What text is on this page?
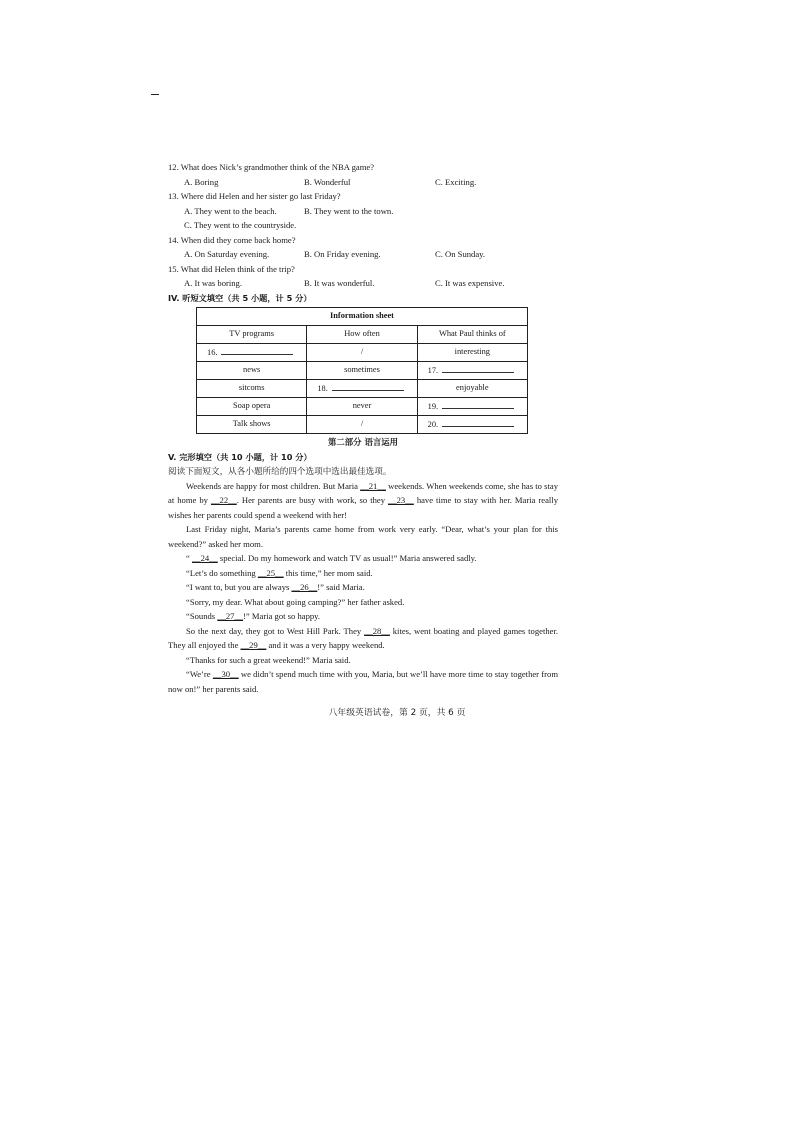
12. What does Nick’s grandmother think of the NBA game?
A. Boring	B. Wonderful	C. Exciting.
13. Where did Helen and her sister go last Friday?
A. They went to the beach.	B. They went to the town.
C. They went to the countryside.
14. When did they come back home?
A. On Saturday evening.	B. On Friday evening.	C. On Sunday.
15. What did Helen think of the trip?
A. It was boring.	B. It was wonderful.	C. It was expensive.
IV. 听短文填空（共 5 小题，计 5 分）
Information sheet		
TV programs	How often	What Paul thinks of
16.	/	interesting
news	sometimes	17.
sitcoms	18.	enjoyable
Soap opera	never	19.
Talk shows	/	20.
第二部分 语言运用
V. 完形填空（共 10 小题，计 10 分）
阅读下面短文，从各小题所给的四个选项中选出最佳选项。
Weekends are happy for most children. But Maria __21__ weekends. When weekends come, she has to stay at home by __22__. Her parents are busy with work, so they __23__ have time to stay with her. Maria really wishes her parents could spend a weekend with her!
Last Friday night, Maria’s parents came home from work very early. “Dear, what’s your plan for this weekend?” asked her mom.
“ __24__ special. Do my homework and watch TV as usual!” Maria answered sadly.
“Let’s do something __25__ this time,” her mom said.
“I want to, but you are always __26__!” said Maria.
“Sorry, my dear. What about going camping?” her father asked.
“Sounds __27__!” Maria got so happy.
So the next day, they got to West Hill Park. They __28__ kites, went boating and played games together. They all enjoyed the __29__ and it was a very happy weekend.
“Thanks for such a great weekend!” Maria said.
“We’re __30__ we didn’t spend much time with you, Maria, but we’ll have more time to stay together from now on!” her parents said.
八年级英语试卷，第 2 页，共 6 页
